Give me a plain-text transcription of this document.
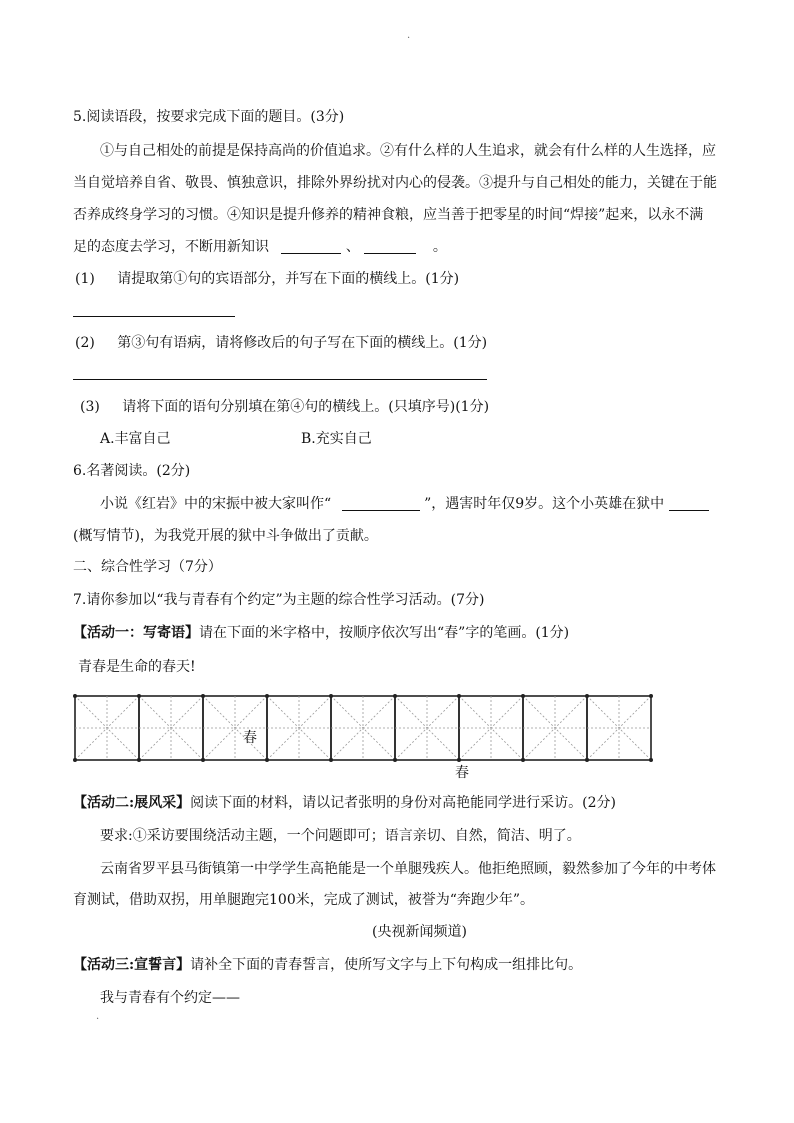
.
5.阅读语段，按要求完成下面的题目。(3分)
①与自己相处的前提是保持高尚的价值追求。②有什么样的人生追求，就会有什么样的人生选择，应
当自觉培养自省、敬畏、慎独意识，排除外界纷扰对内心的侵袭。③提升与自己相处的能力，关键在于能
否养成终身学习的习惯。④知识是提升修养的精神食粮，应当善于把零星的时间“焊接”起来，以永不满
足的态度去学习，不断用新知识	、	。
(1) 请提取第①句的宾语部分，并写在下面的横线上。(1分)
(2) 第③句有语病，请将修改后的句子写在下面的横线上。(1分)
(3) 请将下面的语句分别填在第④句的横线上。(只填序号)(1分)
A.丰富自己	B.充实自己
6.名著阅读。(2分)
小说《红岩》中的宋振中被大家叫作“	”，遇害时年仅9岁。这个小英雄在狱中
(概写情节)，为我党开展的狱中斗争做出了贡献。
二、综合性学习（7分）
7.请你参加以“我与青春有个约定”为主题的综合性学习活动。(7分)
【活动一：写寄语】请在下面的米字格中，按顺序依次写出“春”字的笔画。(1分)
青春是生命的春天!
春
春
【活动二:展风采】阅读下面的材料，请以记者张明的身份对高艳能同学进行采访。(2分)
要求:①采访要围绕活动主题，一个问题即可；语言亲切、自然，简洁、明了。
云南省罗平县马街镇第一中学学生高艳能是一个单腿残疾人。他拒绝照顾，毅然参加了今年的中考体
育测试，借助双拐，用单腿跑完100米，完成了测试，被誉为“奔跑少年”。
(央视新闻频道)
【活动三:宣誓言】请补全下面的青春誓言，使所写文字与上下句构成一组排比句。
我与青春有个约定——
.
